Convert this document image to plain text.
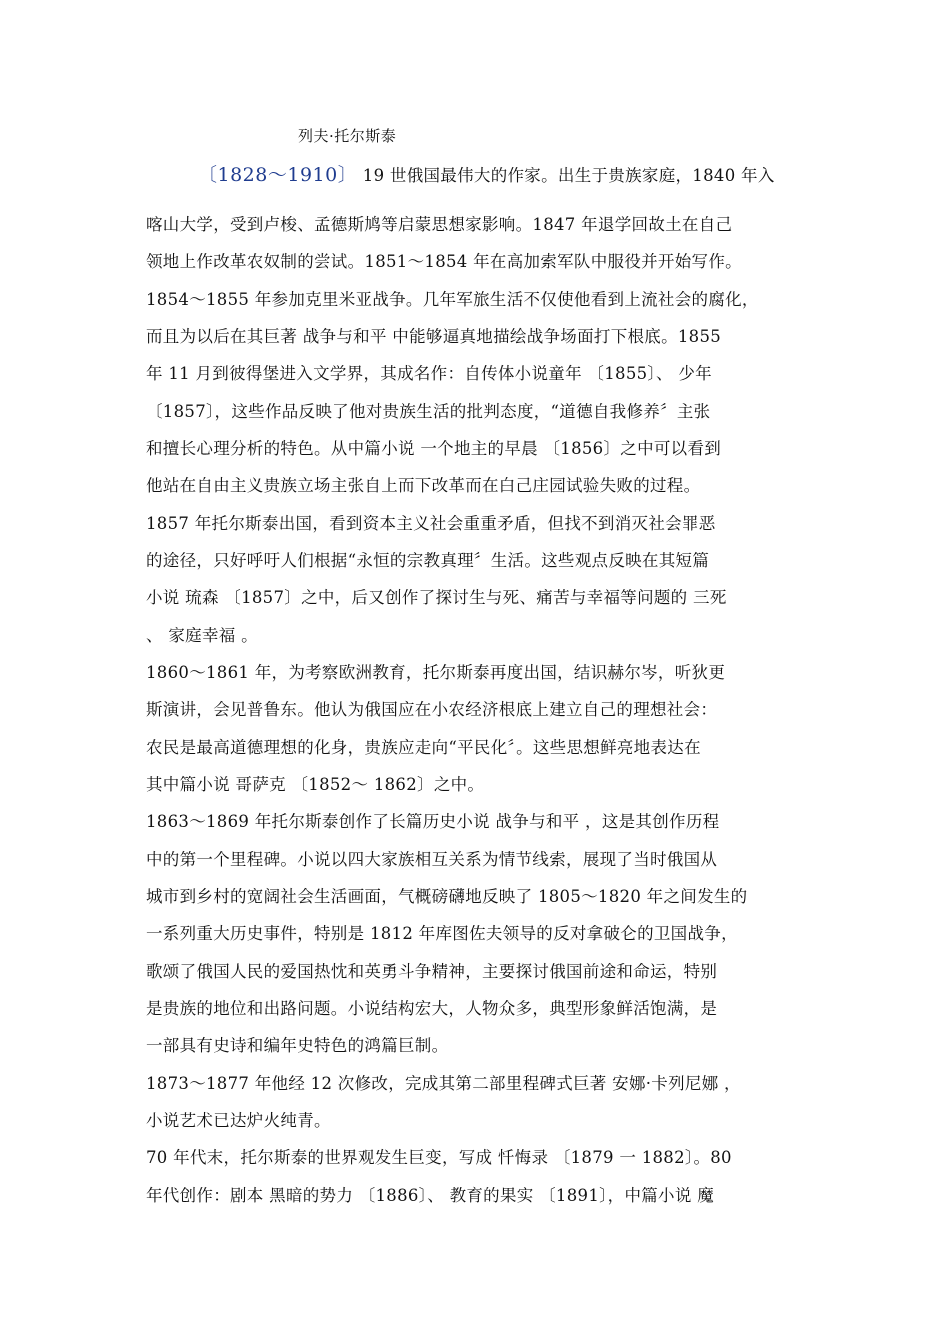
列夫·托尔斯泰
〔1828～1910〕 19 世俄国最伟大的作家。出生于贵族家庭，1840 年入
喀山大学，受到卢梭、孟德斯鸠等启蒙思想家影响。1847 年退学回故土在自己
领地上作改革农奴制的尝试。1851～1854 年在高加索军队中服役并开始写作。
1854～1855 年参加克里米亚战争。几年军旅生活不仅使他看到上流社会的腐化，
而且为以后在其巨著 战争与和平 中能够逼真地描绘战争场面打下根底。1855
年 11 月到彼得堡进入文学界，其成名作：自传体小说童年 〔1855〕、 少年
〔1857〕，这些作品反映了他对贵族生活的批判态度，“道德自我修养〞主张
和擅长心理分析的特色。从中篇小说 一个地主的早晨 〔1856〕之中可以看到
他站在自由主义贵族立场主张自上而下改革而在白己庄园试验失败的过程。
1857 年托尔斯泰出国，看到资本主义社会重重矛盾，但找不到消灭社会罪恶
的途径，只好呼吁人们根据“永恒的宗教真理〞生活。这些观点反映在其短篇
小说 琉森 〔1857〕之中，后又创作了探讨生与死、痛苦与幸福等问题的 三死
、 家庭幸福 。
1860～1861 年，为考察欧洲教育，托尔斯泰再度出国，结识赫尔岑，听狄更
斯演讲，会见普鲁东。他认为俄国应在小农经济根底上建立自己的理想社会：
农民是最高道德理想的化身，贵族应走向“平民化〞。这些思想鲜亮地表达在
其中篇小说 哥萨克 〔1852～ 1862〕之中。
1863～1869 年托尔斯泰创作了长篇历史小说 战争与和平 ，这是其创作历程
中的第一个里程碑。小说以四大家族相互关系为情节线索，展现了当时俄国从
城市到乡村的宽阔社会生活画面，气概磅礴地反映了 1805～1820 年之间发生的
一系列重大历史事件，特别是 1812 年库图佐夫领导的反对拿破仑的卫国战争，
歌颂了俄国人民的爱国热忱和英勇斗争精神，主要探讨俄国前途和命运，特别
是贵族的地位和出路问题。小说结构宏大，人物众多，典型形象鲜活饱满，是
一部具有史诗和编年史特色的鸿篇巨制。
1873～1877 年他经 12 次修改，完成其第二部里程碑式巨著 安娜·卡列尼娜 ，
小说艺术已达炉火纯青。
70 年代末，托尔斯泰的世界观发生巨变，写成 忏悔录 〔1879 一 1882〕。80
年代创作：剧本 黑暗的势力 〔1886〕、 教育的果实 〔1891〕，中篇小说 魔
